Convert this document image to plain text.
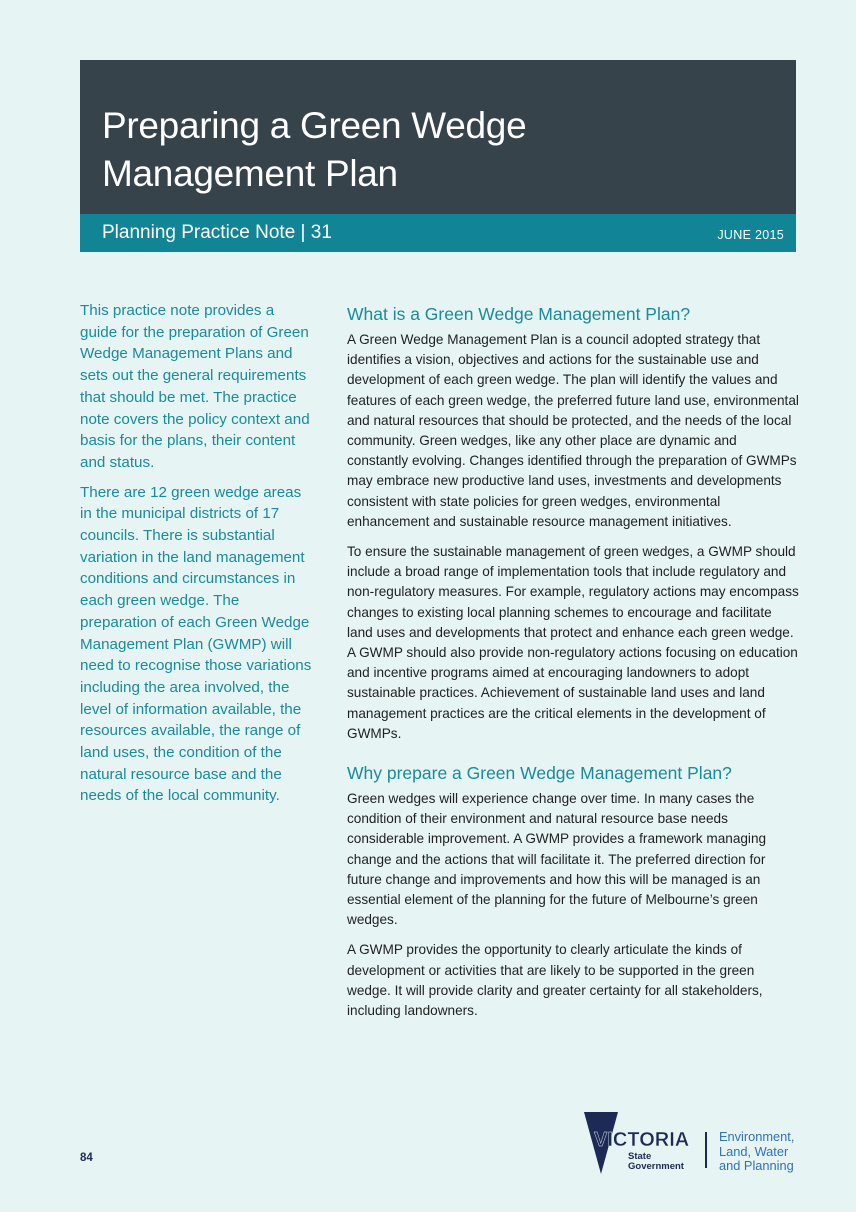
Preparing a Green Wedge
Management Plan
Planning Practice Note | 31	JUNE 2015

This practice note provides a guide for the preparation of Green Wedge Management Plans and sets out the general requirements that should be met. The practice note covers the policy context and basis for the plans, their content and status.

There are 12 green wedge areas in the municipal districts of 17 councils. There is substantial variation in the land management conditions and circumstances in each green wedge. The preparation of each Green Wedge Management Plan (GWMP) will need to recognise those variations including the area involved, the level of information available, the resources available, the range of land uses, the condition of the natural resource base and the needs of the local community.

What is a Green Wedge Management Plan?

A Green Wedge Management Plan is a council adopted strategy that identifies a vision, objectives and actions for the sustainable use and development of each green wedge. The plan will identify the values and features of each green wedge, the preferred future land use, environmental and natural resources that should be protected, and the needs of the local community. Green wedges, like any other place are dynamic and constantly evolving. Changes identified through the preparation of GWMPs may embrace new productive land uses, investments and developments consistent with state policies for green wedges, environmental enhancement and sustainable resource management initiatives.

To ensure the sustainable management of green wedges, a GWMP should include a broad range of implementation tools that include regulatory and non-regulatory measures. For example, regulatory actions may encompass changes to existing local planning schemes to encourage and facilitate land uses and developments that protect and enhance each green wedge. A GWMP should also provide non-regulatory actions focusing on education and incentive programs aimed at encouraging landowners to adopt sustainable practices. Achievement of sustainable land uses and land management practices are the critical elements in the development of GWMPs.

Why prepare a Green Wedge Management Plan?

Green wedges will experience change over time. In many cases the condition of their environment and natural resource base needs considerable improvement. A GWMP provides a framework managing change and the actions that will facilitate it. The preferred direction for future change and improvements and how this will be managed is an essential element of the planning for the future of Melbourne’s green wedges.

A GWMP provides the opportunity to clearly articulate the kinds of development or activities that are likely to be supported in the green wedge. It will provide clarity and greater certainty for all stakeholders, including landowners.

84
VICTORIA
State
Government
Environment,
Land, Water
and Planning
